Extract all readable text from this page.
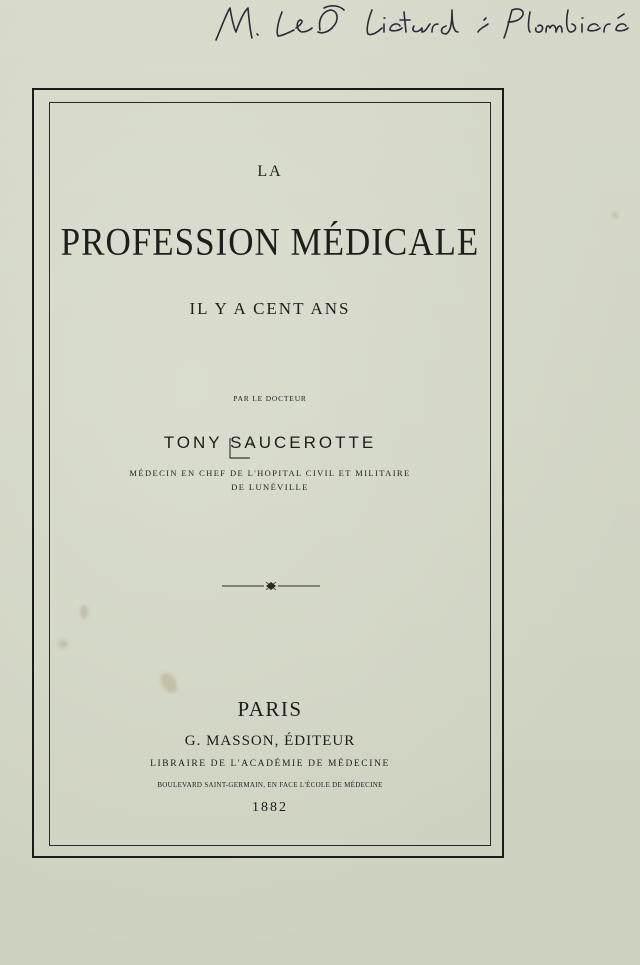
LA
PROFESSION MÉDICALE
IL Y A CENT ANS
PAR LE DOCTEUR
TONY SAUCEROTTE
MÉDECIN EN CHEF DE L'HOPITAL CIVIL ET MILITAIRE
DE LUNÉVILLE
PARIS
G. MASSON, ÉDITEUR
LIBRAIRE DE L'ACADÉMIE DE MÉDECINE
BOULEVARD SAINT-GERMAIN, EN FACE L'ÉCOLE DE MÉDECINE
1882
